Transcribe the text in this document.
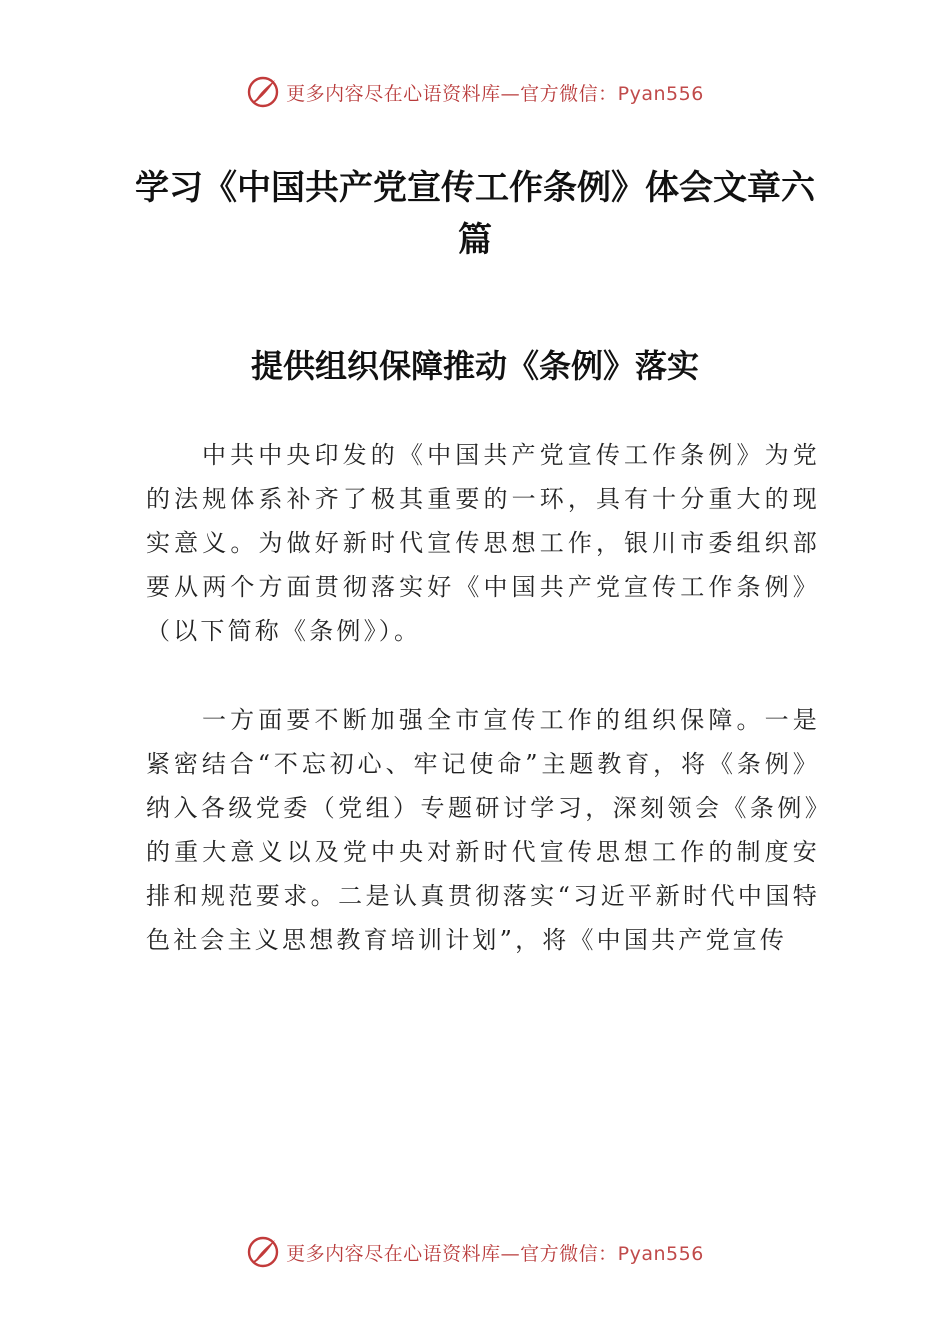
更多内容尽在心语资料库—官方微信：Pyan556
学习《中国共产党宣传工作条例》体会文章六篇
提供组织保障推动《条例》落实

中共中央印发的《中国共产党宣传工作条例》为党的法规体系补齐了极其重要的一环，具有十分重大的现实意义。为做好新时代宣传思想工作，银川市委组织部要从两个方面贯彻落实好《中国共产党宣传工作条例》（以下简称《条例》）。

一方面要不断加强全市宣传工作的组织保障。一是紧密结合“不忘初心、牢记使命”主题教育，将《条例》纳入各级党委（党组）专题研讨学习，深刻领会《条例》的重大意义以及党中央对新时代宣传思想工作的制度安排和规范要求。二是认真贯彻落实“习近平新时代中国特色社会主义思想教育培训计划”，将《中国共产党宣传

更多内容尽在心语资料库—官方微信：Pyan556
